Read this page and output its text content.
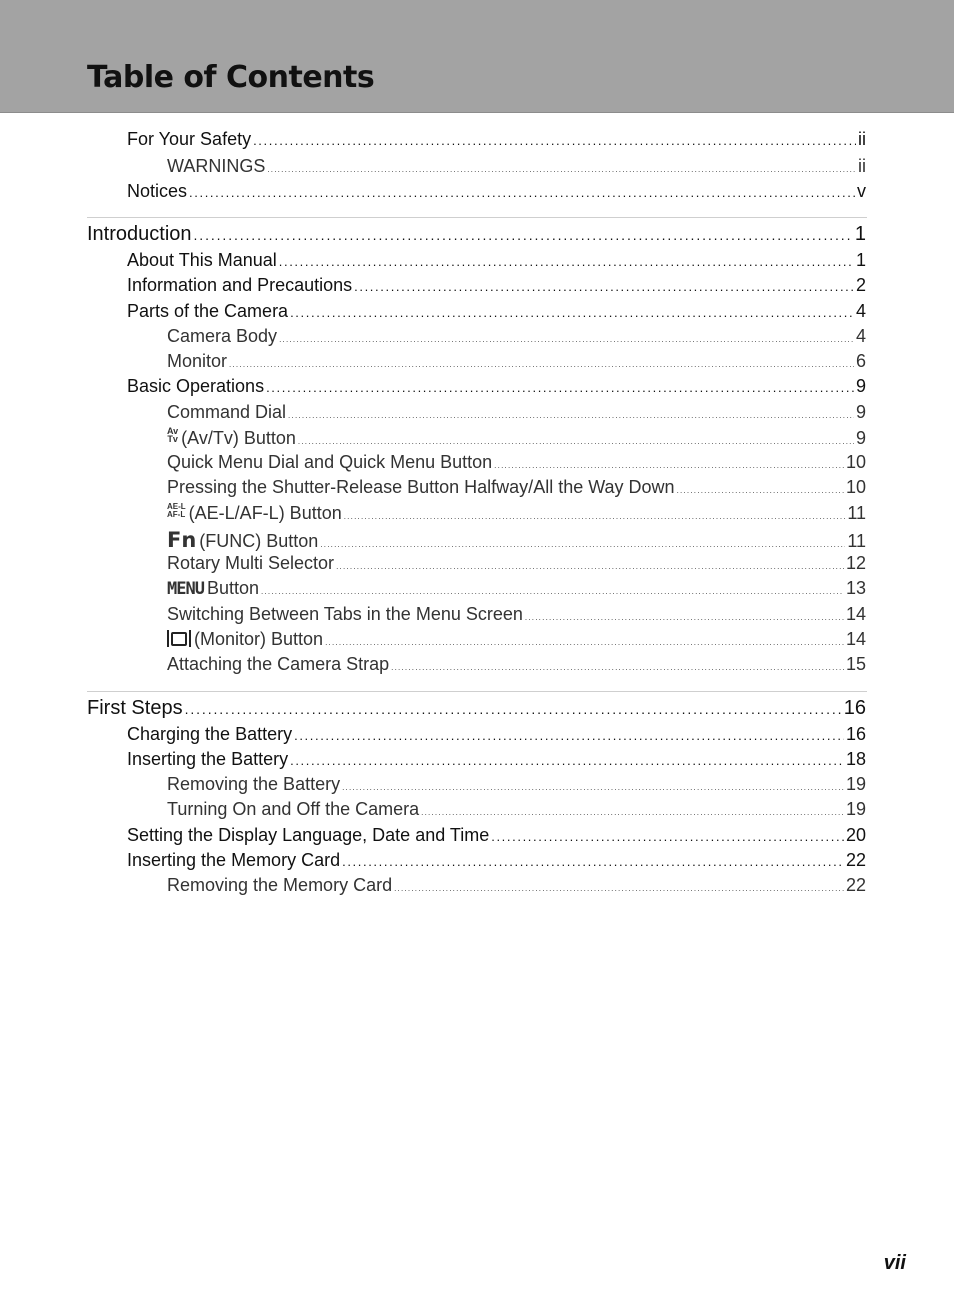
Table of Contents
For Your Safety . . .	ii
WARNINGS . . .	ii
Notices . . .	v
Introduction . . .	1
About This Manual . . .	1
Information and Precautions . . .	2
Parts of the Camera . . .	4
Camera Body . . .	4
Monitor . . .	6
Basic Operations . . .	9
Command Dial . . .	9
Av
Tv (Av/Tv) Button . . .	9
Quick Menu Dial and Quick Menu Button . . .	10
Pressing the Shutter-Release Button Halfway/All the Way Down . . .	10
AE-L
AF-L (AE-L/AF-L) Button . . .	11
Fn (FUNC) Button . . .	11
Rotary Multi Selector . . .	12
MENU Button . . .	13
Switching Between Tabs in the Menu Screen . . .	14
(Monitor) Button . . .	14
Attaching the Camera Strap . . .	15
First Steps . . .	16
Charging the Battery . . .	16
Inserting the Battery . . .	18
Removing the Battery . . .	19
Turning On and Off the Camera . . .	19
Setting the Display Language, Date and Time . . .	20
Inserting the Memory Card . . .	22
Removing the Memory Card . . .	22
vii
